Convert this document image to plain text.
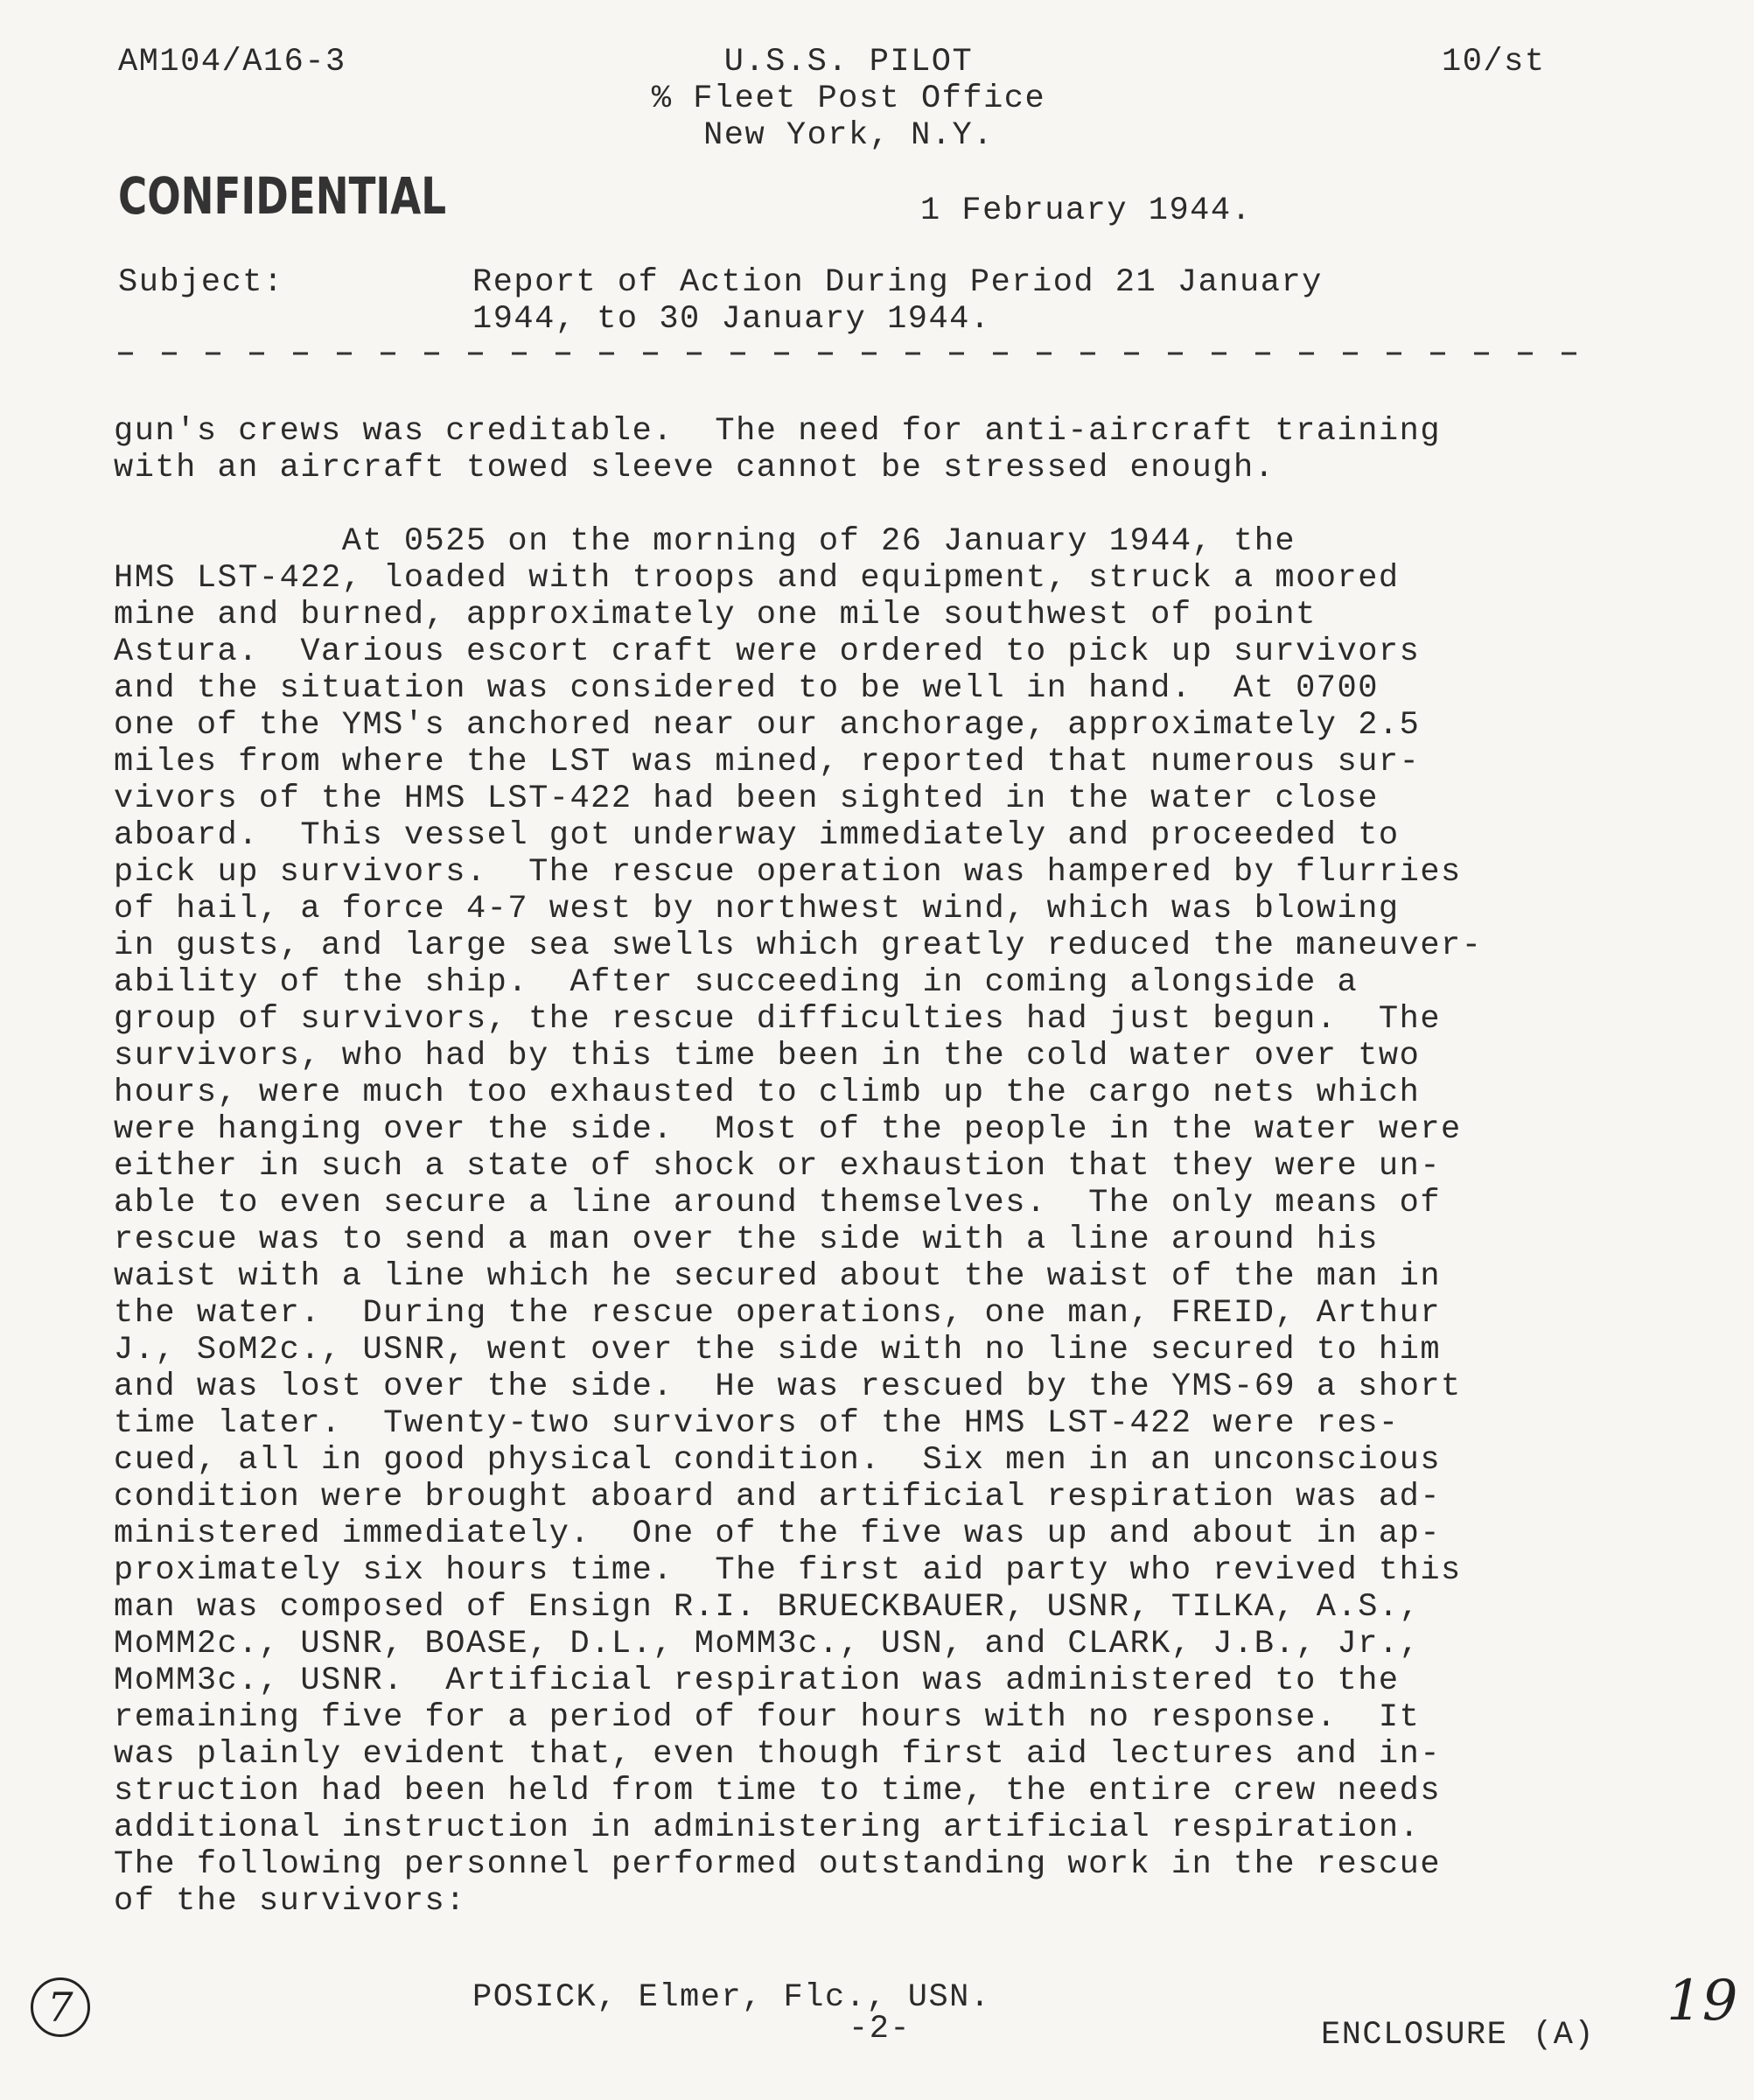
AM104/A16-3	U.S.S. PILOT
% Fleet Post Office
New York, N.Y.
10/st
CONFIDENTIAL	1 February 1944.
Subject:	Report of Action During Period 21 January
1944, to 30 January 1944.
gun's crews was creditable.  The need for anti-aircraft training
with an aircraft towed sleeve cannot be stressed enough.
At 0525 on the morning of 26 January 1944, the
HMS LST-422, loaded with troops and equipment, struck a moored
mine and burned, approximately one mile southwest of point
Astura.  Various escort craft were ordered to pick up survivors
and the situation was considered to be well in hand.  At 0700
one of the YMS's anchored near our anchorage, approximately 2.5
miles from where the LST was mined, reported that numerous sur-
vivors of the HMS LST-422 had been sighted in the water close
aboard.  This vessel got underway immediately and proceeded to
pick up survivors.  The rescue operation was hampered by flurries
of hail, a force 4-7 west by northwest wind, which was blowing
in gusts, and large sea swells which greatly reduced the maneuver-
ability of the ship.  After succeeding in coming alongside a
group of survivors, the rescue difficulties had just begun.  The
survivors, who had by this time been in the cold water over two
hours, were much too exhausted to climb up the cargo nets which
were hanging over the side.  Most of the people in the water were
either in such a state of shock or exhaustion that they were un-
able to even secure a line around themselves.  The only means of
rescue was to send a man over the side with a line around his
waist with a line which he secured about the waist of the man in
the water.  During the rescue operations, one man, FREID, Arthur
J., SoM2c., USNR, went over the side with no line secured to him
and was lost over the side.  He was rescued by the YMS-69 a short
time later.  Twenty-two survivors of the HMS LST-422 were res-
cued, all in good physical condition.  Six men in an unconscious
condition were brought aboard and artificial respiration was ad-
ministered immediately.  One of the five was up and about in ap-
proximately six hours time.  The first aid party who revived this
man was composed of Ensign R.I. BRUECKBAUER, USNR, TILKA, A.S.,
MoMM2c., USNR, BOASE, D.L., MoMM3c., USN, and CLARK, J.B., Jr.,
MoMM3c., USNR.  Artificial respiration was administered to the
remaining five for a period of four hours with no response.  It
was plainly evident that, even though first aid lectures and in-
struction had been held from time to time, the entire crew needs
additional instruction in administering artificial respiration.
The following personnel performed outstanding work in the rescue
of the survivors:
POSICK, Elmer, Flc., USN.
7	-2-	ENCLOSURE (A)
19
